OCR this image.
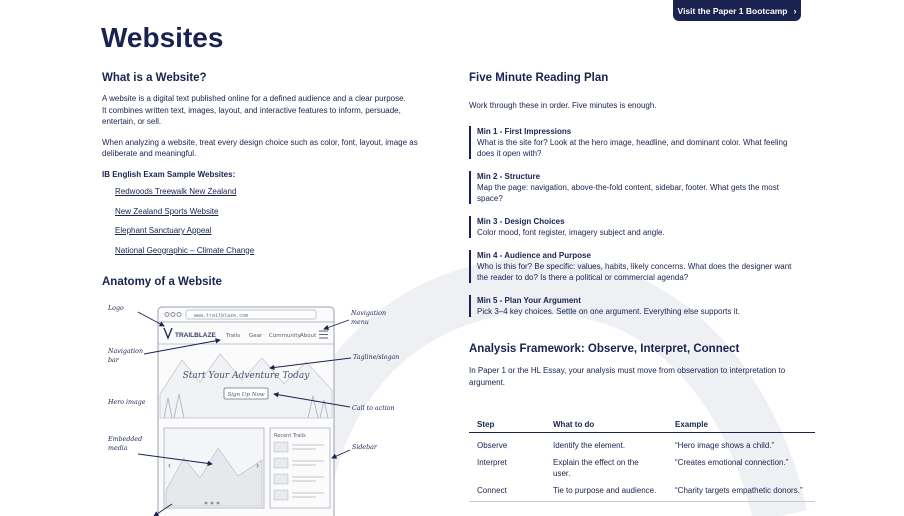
Visit the Paper 1 Bootcamp ›
Websites
What is a Website?

A website is a digital text published online for a defined audience and a clear purpose.
It combines written text, images, layout, and interactive features to inform, persuade,
entertain, or sell.

When analyzing a website, treat every design choice such as color, font, layout, image as
deliberate and meaningful.

IB English Exam Sample Websites:

Redwoods Treewalk New Zealand
New Zealand Sports Website
Elephant Sanctuary Appeal
National Geographic – Climate Change
Anatomy of a Website
www.trailblaze.com
TRAILBLAZE Trails Gear Community About
Start Your Adventure Today
Sign Up Now
‹	›
Recent Trails
Logo
Navigation
menu
Navigation
bar	Tagline/slogan
Hero image
Call to action
Embedded
media	Sidebar
Five Minute Reading Plan

Work through these in order. Five minutes is enough.

Min 1 - First Impressions

What is the site for? Look at the hero image, headline, and dominant color. What feeling
does it open with?

Min 2 - Structure

Map the page: navigation, above-the-fold content, sidebar, footer. What gets the most
space?

Min 3 - Design Choices

Color mood, font register, imagery subject and angle.

Min 4 - Audience and Purpose

Who is this for? Be specific: values, habits, likely concerns. What does the designer want
the reader to do? Is there a political or commercial agenda?

Min 5 - Plan Your Argument

Pick 3–4 key choices. Settle on one argument. Everything else supports it.

Analysis Framework: Observe, Interpret, Connect

In Paper 1 or the HL Essay, your analysis must move from observation to interpretation to
argument.

Step	What to do	Example
Observe	Identify the element.	“Hero image shows a child.”
Interpret	Explain the effect on the
user.	“Creates emotional connection.”
Connect	Tie to purpose and audience.	“Charity targets empathetic donors.”
